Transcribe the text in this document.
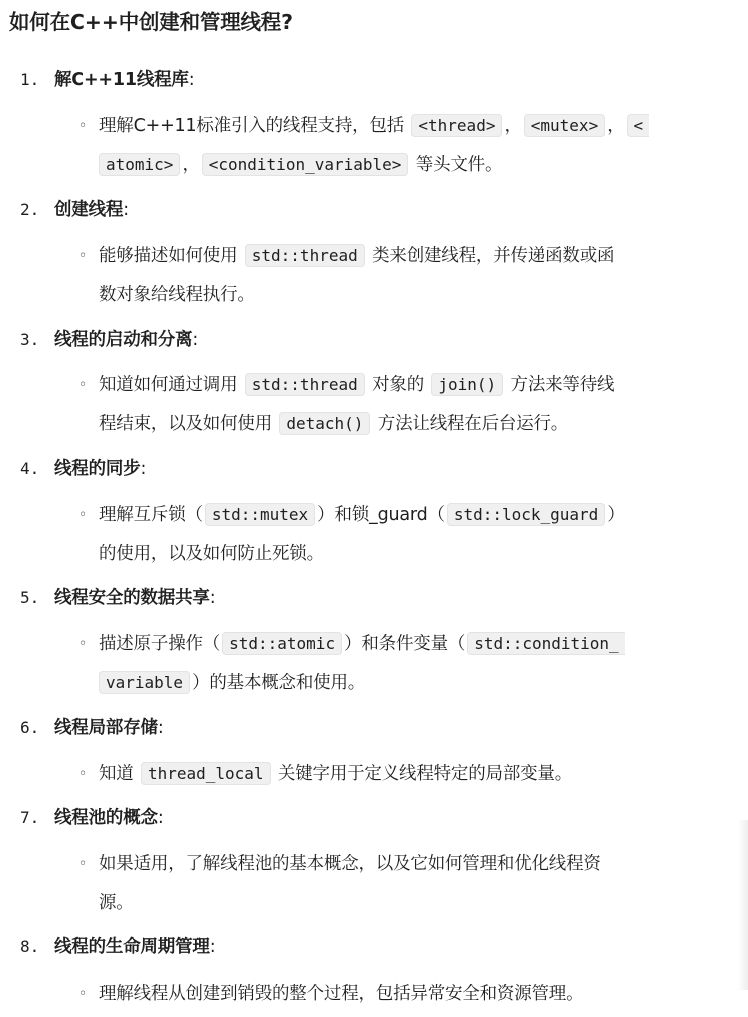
如何在C++中创建和管理线程?
1. 解C++11线程库:
◦ 理解C++11标准引入的线程支持，包括 <thread> ， <mutex> ， <
atomic> ， <condition_variable> 等头文件。
2. 创建线程:
◦ 能够描述如何使用 std::thread 类来创建线程，并传递函数或函
数对象给线程执行。
3. 线程的启动和分离:
◦ 知道如何通过调用 std::thread 对象的 join() 方法来等待线
程结束，以及如何使用 detach() 方法让线程在后台运行。
4. 线程的同步:
◦ 理解互斥锁（ std::mutex ）和锁_guard（ std::lock_guard ）
的使用，以及如何防止死锁。
5. 线程安全的数据共享:
◦ 描述原子操作（ std::atomic ）和条件变量（ std::condition_
variable ）的基本概念和使用。
6. 线程局部存储:
◦ 知道 thread_local 关键字用于定义线程特定的局部变量。
7. 线程池的概念:
◦ 如果适用，了解线程池的基本概念，以及它如何管理和优化线程资
源。
8. 线程的生命周期管理:
◦ 理解线程从创建到销毁的整个过程，包括异常安全和资源管理。
